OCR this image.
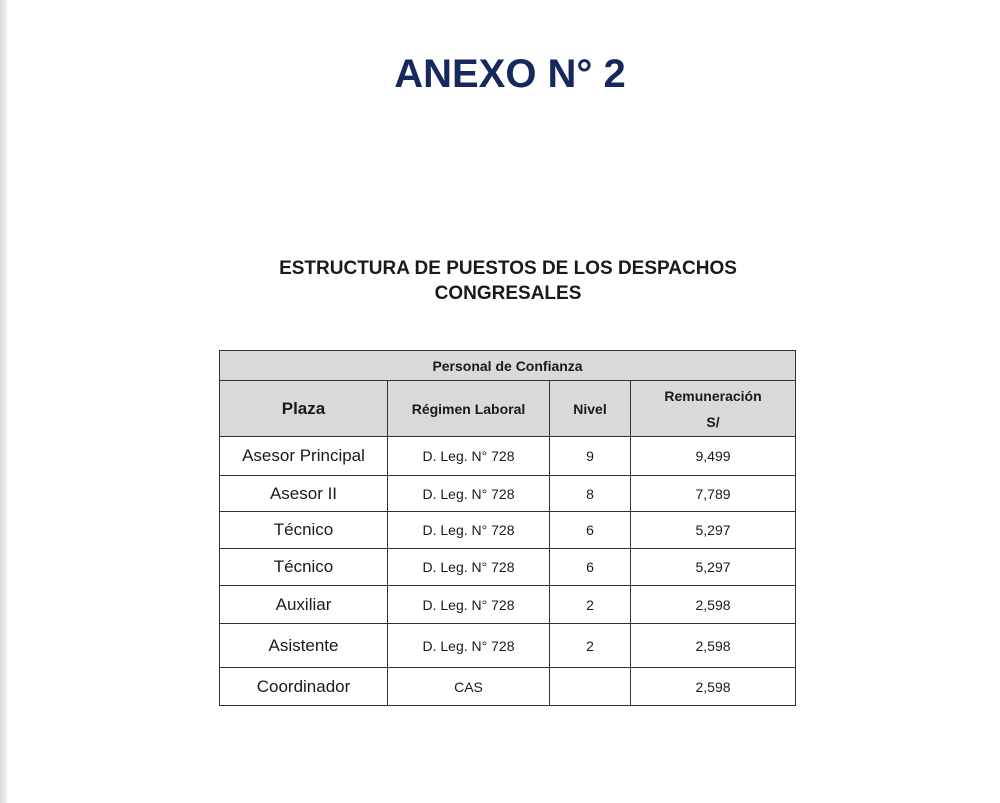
ANEXO N° 2
ESTRUCTURA DE PUESTOS DE LOS DESPACHOS
CONGRESALES
Personal de Confianza			
Plaza	Régimen Laboral	Nivel	Remuneración
S/

Asesor Principal	D. Leg. N° 728	9	9,499
Asesor II	D. Leg. N° 728	8	7,789
Técnico	D. Leg. N° 728	6	5,297
Técnico	D. Leg. N° 728	6	5,297
Auxiliar	D. Leg. N° 728	2	2,598
Asistente	D. Leg. N° 728	2	2,598
Coordinador	CAS		2,598
